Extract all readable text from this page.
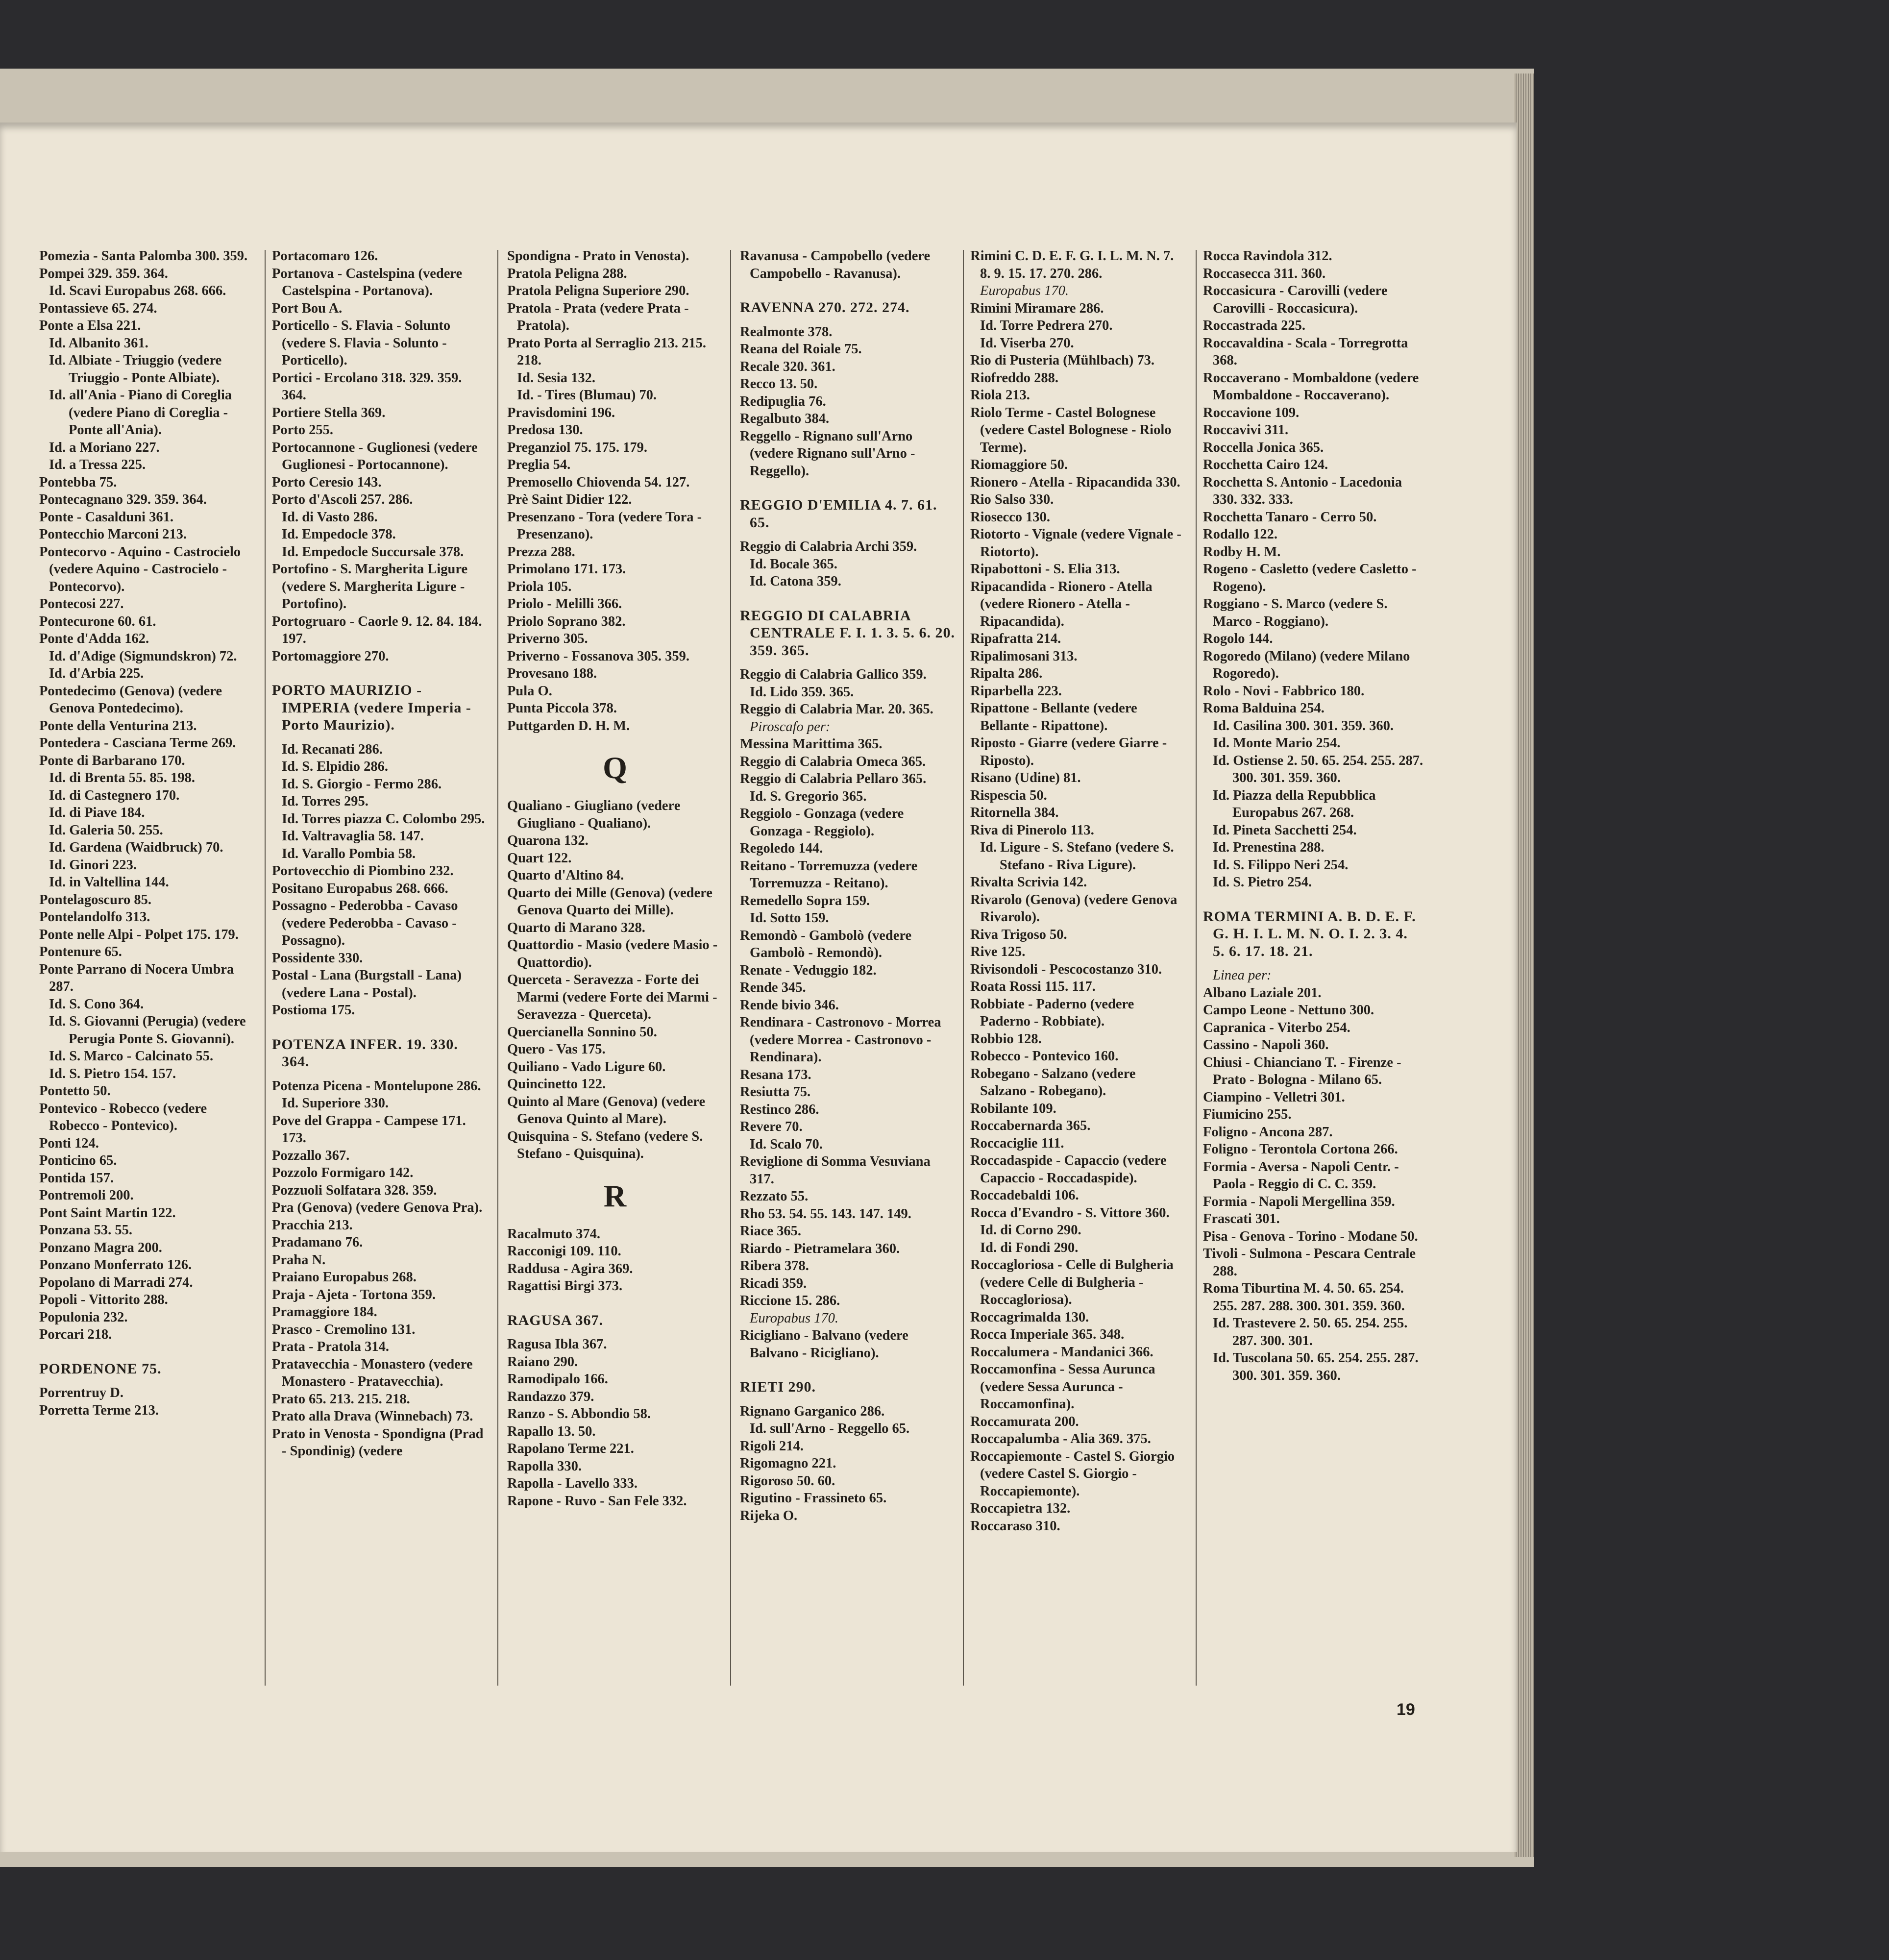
Pomezia - Santa Palomba 300. 359.
Pompei 329. 359. 364.
Id. Scavi Europabus 268. 666.
Pontassieve 65. 274.
Ponte a Elsa 221.
Id. Albanito 361.
Id. Albiate - Triuggio (vedere Triuggio - Ponte Albiate).
Id. all'Ania - Piano di Coreglia (vedere Piano di Coreglia - Ponte all'Ania).
Id. a Moriano 227.
Id. a Tressa 225.
Pontebba 75.
Pontecagnano 329. 359. 364.
Ponte - Casalduni 361.
Pontecchio Marconi 213.
Pontecorvo - Aquino - Castrocielo (vedere Aquino - Castrocielo - Pontecorvo).
Pontecosi 227.
Pontecurone 60. 61.
Ponte d'Adda 162.
Id. d'Adige (Sigmundskron) 72.
Id. d'Arbia 225.
Pontedecimo (Genova) (vedere Genova Pontedecimo).
Ponte della Venturina 213.
Pontedera - Casciana Terme 269.
Ponte di Barbarano 170.
Id. di Brenta 55. 85. 198.
Id. di Castegnero 170.
Id. di Piave 184.
Id. Galeria 50. 255.
Id. Gardena (Waidbruck) 70.
Id. Ginori 223.
Id. in Valtellina 144.
Pontelagoscuro 85.
Pontelandolfo 313.
Ponte nelle Alpi - Polpet 175. 179.
Pontenure 65.
Ponte Parrano di Nocera Umbra 287.
Id. S. Cono 364.
Id. S. Giovanni (Perugia) (vedere Perugia Ponte S. Giovanni).
Id. S. Marco - Calcinato 55.
Id. S. Pietro 154. 157.
Pontetto 50.
Pontevico - Robecco (vedere Robecco - Pontevico).
Ponti 124.
Ponticino 65.
Pontida 157.
Pontremoli 200.
Pont Saint Martin 122.
Ponzana 53. 55.
Ponzano Magra 200.
Ponzano Monferrato 126.
Popolano di Marradi 274.
Popoli - Vittorito 288.
Populonia 232.
Porcari 218.
PORDENONE 75.
Porrentruy D.
Porretta Terme 213.
Portacomaro 126.
Portanova - Castelspina (vedere Castelspina - Portanova).
Port Bou A.
Porticello - S. Flavia - Solunto (vedere S. Flavia - Solunto - Porticello).
Portici - Ercolano 318. 329. 359. 364.
Portiere Stella 369.
Porto 255.
Portocannone - Guglionesi (vedere Guglionesi - Portocannone).
Porto Ceresio 143.
Porto d'Ascoli 257. 286.
Id. di Vasto 286.
Id. Empedocle 378.
Id. Empedocle Succursale 378.
Portofino - S. Margherita Ligure (vedere S. Margherita Ligure - Portofino).
Portogruaro - Caorle 9. 12. 84. 184. 197.
Portomaggiore 270.
PORTO MAURIZIO - IMPERIA (vedere Imperia - Porto Maurizio).
Id. Recanati 286.
Id. S. Elpidio 286.
Id. S. Giorgio - Fermo 286.
Id. Torres 295.
Id. Torres piazza C. Colombo 295.
Id. Valtravaglia 58. 147.
Id. Varallo Pombia 58.
Portovecchio di Piombino 232.
Positano Europabus 268. 666.
Possagno - Pederobba - Cavaso (vedere Pederobba - Cavaso - Possagno).
Possidente 330.
Postal - Lana (Burgstall - Lana) (vedere Lana - Postal).
Postioma 175.
POTENZA INFER. 19. 330. 364.
Potenza Picena - Montelupone 286.
Id. Superiore 330.
Pove del Grappa - Campese 171. 173.
Pozzallo 367.
Pozzolo Formigaro 142.
Pozzuoli Solfatara 328. 359.
Pra (Genova) (vedere Genova Pra).
Pracchia 213.
Pradamano 76.
Praha N.
Praiano Europabus 268.
Praja - Ajeta - Tortona 359.
Pramaggiore 184.
Prasco - Cremolino 131.
Prata - Pratola 314.
Pratavecchia - Monastero (vedere Monastero - Pratavecchia).
Prato 65. 213. 215. 218.
Prato alla Drava (Winnebach) 73.
Prato in Venosta - Spondigna (Prad - Spondinig) (vedere
Spondigna - Prato in Venosta).
Pratola Peligna 288.
Pratola Peligna Superiore 290.
Pratola - Prata (vedere Prata - Pratola).
Prato Porta al Serraglio 213. 215. 218.
Id. Sesia 132.
Id. - Tires (Blumau) 70.
Pravisdomini 196.
Predosa 130.
Preganziol 75. 175. 179.
Preglia 54.
Premosello Chiovenda 54. 127.
Prè Saint Didier 122.
Presenzano - Tora (vedere Tora - Presenzano).
Prezza 288.
Primolano 171. 173.
Priola 105.
Priolo - Melilli 366.
Priolo Soprano 382.
Priverno 305.
Priverno - Fossanova 305. 359.
Provesano 188.
Pula O.
Punta Piccola 378.
Puttgarden D. H. M.
Q
Qualiano - Giugliano (vedere Giugliano - Qualiano).
Quarona 132.
Quart 122.
Quarto d'Altino 84.
Quarto dei Mille (Genova) (vedere Genova Quarto dei Mille).
Quarto di Marano 328.
Quattordio - Masio (vedere Masio - Quattordio).
Querceta - Seravezza - Forte dei Marmi (vedere Forte dei Marmi - Seravezza - Querceta).
Quercianella Sonnino 50.
Quero - Vas 175.
Quiliano - Vado Ligure 60.
Quincinetto 122.
Quinto al Mare (Genova) (vedere Genova Quinto al Mare).
Quisquina - S. Stefano (vedere S. Stefano - Quisquina).
R
Racalmuto 374.
Racconigi 109. 110.
Raddusa - Agira 369.
Ragattisi Birgi 373.
RAGUSA 367.
Ragusa Ibla 367.
Raiano 290.
Ramodipalo 166.
Randazzo 379.
Ranzo - S. Abbondio 58.
Rapallo 13. 50.
Rapolano Terme 221.
Rapolla 330.
Rapolla - Lavello 333.
Rapone - Ruvo - San Fele 332.
Ravanusa - Campobello (vedere Campobello - Ravanusa).
RAVENNA 270. 272. 274.
Realmonte 378.
Reana del Roiale 75.
Recale 320. 361.
Recco 13. 50.
Redipuglia 76.
Regalbuto 384.
Reggello - Rignano sull'Arno (vedere Rignano sull'Arno - Reggello).
REGGIO D'EMILIA 4. 7. 61. 65.
Reggio di Calabria Archi 359.
Id. Bocale 365.
Id. Catona 359.
REGGIO DI CALABRIA CENTRALE F. I. 1. 3. 5. 6. 20. 359. 365.
Reggio di Calabria Gallico 359.
Id. Lido 359. 365.
Reggio di Calabria Mar. 20. 365.
Piroscafo per:
Messina Marittima 365.
Reggio di Calabria Omeca 365.
Reggio di Calabria Pellaro 365.
Id. S. Gregorio 365.
Reggiolo - Gonzaga (vedere Gonzaga - Reggiolo).
Regoledo 144.
Reitano - Torremuzza (vedere Torremuzza - Reitano).
Remedello Sopra 159.
Id. Sotto 159.
Remondò - Gambolò (vedere Gambolò - Remondò).
Renate - Veduggio 182.
Rende 345.
Rende bivio 346.
Rendinara - Castronovo - Morrea (vedere Morrea - Castronovo - Rendinara).
Resana 173.
Resiutta 75.
Restinco 286.
Revere 70.
Id. Scalo 70.
Reviglione di Somma Vesuviana 317.
Rezzato 55.
Rho 53. 54. 55. 143. 147. 149.
Riace 365.
Riardo - Pietramelara 360.
Ribera 378.
Ricadi 359.
Riccione 15. 286.
Europabus 170.
Ricigliano - Balvano (vedere Balvano - Ricigliano).
RIETI 290.
Rignano Garganico 286.
Id. sull'Arno - Reggello 65.
Rigoli 214.
Rigomagno 221.
Rigoroso 50. 60.
Rigutino - Frassineto 65.
Rijeka O.
Rimini C. D. E. F. G. I. L. M. N. 7. 8. 9. 15. 17. 270. 286.
Europabus 170.
Rimini Miramare 286.
Id. Torre Pedrera 270.
Id. Viserba 270.
Rio di Pusteria (Mühlbach) 73.
Riofreddo 288.
Riola 213.
Riolo Terme - Castel Bolognese (vedere Castel Bolognese - Riolo Terme).
Riomaggiore 50.
Rionero - Atella - Ripacandida 330.
Rio Salso 330.
Riosecco 130.
Riotorto - Vignale (vedere Vignale - Riotorto).
Ripabottoni - S. Elia 313.
Ripacandida - Rionero - Atella (vedere Rionero - Atella - Ripacandida).
Ripafratta 214.
Ripalimosani 313.
Ripalta 286.
Riparbella 223.
Ripattone - Bellante (vedere Bellante - Ripattone).
Riposto - Giarre (vedere Giarre - Riposto).
Risano (Udine) 81.
Rispescia 50.
Ritornella 384.
Riva di Pinerolo 113.
Id. Ligure - S. Stefano (vedere S. Stefano - Riva Ligure).
Rivalta Scrivia 142.
Rivarolo (Genova) (vedere Genova Rivarolo).
Riva Trigoso 50.
Rive 125.
Rivisondoli - Pescocostanzo 310.
Roata Rossi 115. 117.
Robbiate - Paderno (vedere Paderno - Robbiate).
Robbio 128.
Robecco - Pontevico 160.
Robegano - Salzano (vedere Salzano - Robegano).
Robilante 109.
Roccabernarda 365.
Roccaciglie 111.
Roccadaspide - Capaccio (vedere Capaccio - Roccadaspide).
Roccadebaldi 106.
Rocca d'Evandro - S. Vittore 360.
Id. di Corno 290.
Id. di Fondi 290.
Roccagloriosa - Celle di Bulgheria (vedere Celle di Bulgheria - Roccagloriosa).
Roccagrimalda 130.
Rocca Imperiale 365. 348.
Roccalumera - Mandanici 366.
Roccamonfina - Sessa Aurunca (vedere Sessa Aurunca - Roccamonfina).
Roccamurata 200.
Roccapalumba - Alia 369. 375.
Roccapiemonte - Castel S. Giorgio (vedere Castel S. Giorgio - Roccapiemonte).
Roccapietra 132.
Roccaraso 310.
Rocca Ravindola 312.
Roccasecca 311. 360.
Roccasicura - Carovilli (vedere Carovilli - Roccasicura).
Roccastrada 225.
Roccavaldina - Scala - Torregrotta 368.
Roccaverano - Mombaldone (vedere Mombaldone - Roccaverano).
Roccavione 109.
Roccavivi 311.
Roccella Jonica 365.
Rocchetta Cairo 124.
Rocchetta S. Antonio - Lacedonia 330. 332. 333.
Rocchetta Tanaro - Cerro 50.
Rodallo 122.
Rodby H. M.
Rogeno - Casletto (vedere Casletto - Rogeno).
Roggiano - S. Marco (vedere S. Marco - Roggiano).
Rogolo 144.
Rogoredo (Milano) (vedere Milano Rogoredo).
Rolo - Novi - Fabbrico 180.
Roma Balduina 254.
Id. Casilina 300. 301. 359. 360.
Id. Monte Mario 254.
Id. Ostiense 2. 50. 65. 254. 255. 287. 300. 301. 359. 360.
Id. Piazza della Repubblica Europabus 267. 268.
Id. Pineta Sacchetti 254.
Id. Prenestina 288.
Id. S. Filippo Neri 254.
Id. S. Pietro 254.
ROMA TERMINI A. B. D. E. F. G. H. I. L. M. N. O. I. 2. 3. 4. 5. 6. 17. 18. 21.
Linea per:
Albano Laziale 201.
Campo Leone - Nettuno 300.
Capranica - Viterbo 254.
Cassino - Napoli 360.
Chiusi - Chianciano T. - Firenze - Prato - Bologna - Milano 65.
Ciampino - Velletri 301.
Fiumicino 255.
Foligno - Ancona 287.
Foligno - Terontola Cortona 266.
Formia - Aversa - Napoli Centr. - Paola - Reggio di C. C. 359.
Formia - Napoli Mergellina 359.
Frascati 301.
Pisa - Genova - Torino - Modane 50.
Tivoli - Sulmona - Pescara Centrale 288.
Roma Tiburtina M. 4. 50. 65. 254. 255. 287. 288. 300. 301. 359. 360.
Id. Trastevere 2. 50. 65. 254. 255. 287. 300. 301.
Id. Tuscolana 50. 65. 254. 255. 287. 300. 301. 359. 360.
19
